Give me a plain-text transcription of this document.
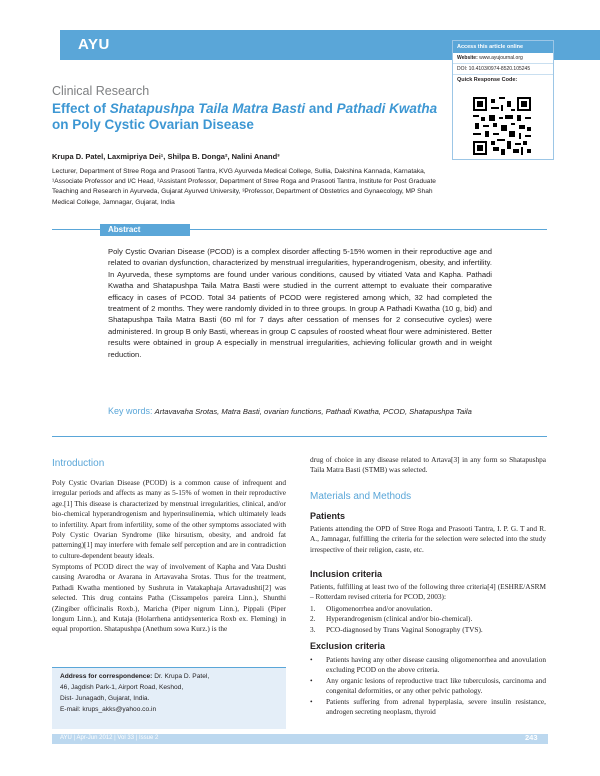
AYU	Access this article online
Website: www.ayujournal.org
DOI: 10.4103/0974-8520.105245
Quick Response Code:
Clinical Research
Effect of Shatapushpa Taila Matra Basti and Pathadi Kwatha
on Poly Cystic Ovarian Disease
Krupa D. Patel, Laxmipriya Dei¹, Shilpa B. Donga², Nalini Anand³
Lecturer, Department of Stree Roga and Prasooti Tantra, KVG Ayurveda Medical College, Sullia, Dakshina Kannada, Karnataka, ¹Associate Professor and I/C Head, ²Assistant Professor, Department of Stree Roga and Prasooti Tantra, Institute for Post Graduate Teaching and Research in Ayurveda, Gujarat Ayurved University, ³Professor, Department of Obstetrics and Gynaecology, MP Shah Medical College, Jamnagar, Gujarat, India
Abstract
Poly Cystic Ovarian Disease (PCOD) is a complex disorder affecting 5-15% women in their reproductive age and related to ovarian dysfunction, characterized by menstrual irregularities, hyperandrogenism, obesity, and infertility. In Ayurveda, these symptoms are found under various conditions, caused by vitiated Vata and Kapha. Pathadi Kwatha and Shatapushpa Taila Matra Basti were studied in the current attempt to evaluate their comparative efficacy in cases of PCOD. Total 34 patients of PCOD were registered among which, 32 had completed the treatment of 2 months. They were randomly divided in to three groups. In group A Pathadi Kwatha (10 g, bid) and Shatapushpa Taila Matra Basti (60 ml for 7 days after cessation of menses for 2 consecutive cycles) were administered. In group B only Basti, whereas in group C capsules of roosted wheat flour were administered. Better results were obtained in group A especially in menstrual irregularities, achieving follicular growth and in weight reduction.
Key words: Artavavaha Srotas, Matra Basti, ovarian functions, Pathadi Kwatha, PCOD, Shatapushpa Taila
Introduction
Poly Cystic Ovarian Disease (PCOD) is a common cause of infrequent and irregular periods and affects as many as 5-15% of women in their reproductive age.[1] This disease is characterized by menstrual irregularities, clinical, and/or bio-chemical hyperandrogenism and hyperinsulinemia, which ultimately leads to infertility. Apart from infertility, some of the other symptoms associated with Poly Cystic Ovarian Syndrome (like hirsutism, obesity, and android fat patterning)[1] may interfere with female self perception and are in contradiction to culture-dependent beauty ideals.
Symptoms of PCOD direct the way of involvement of Kapha and Vata Dushti causing Avarodha or Avarana in Artavavaha Srotas. Thus for the treatment, Pathadi Kwatha mentioned by Sushruta in Vatakaphaja Artavadushti[2] was selected. This drug contains Patha (Cissampelos pareira Linn.), Shunthi (Zingiber officinalis Roxb.), Maricha (Piper nigrum Linn.), Pippali (Piper longum Linn.), and Kutaja (Holarrhena antidysenterica Roxb ex. Fleming) in equal proportion. Shatapushpa (Anethum sowa Kurz.) is the
Address for correspondence: Dr. Krupa D. Patel,
46, Jagdish Park-1, Airport Road, Keshod,
Dist- Junagadh, Gujarat, India.
E-mail: krups_akks@yahoo.co.in
drug of choice in any disease related to Artava[3] in any form so Shatapushpa Taila Matra Basti (STMB) was selected.
Materials and Methods
Patients
Patients attending the OPD of Stree Roga and Prasooti Tantra, I. P. G. T and R. A., Jamnagar, fulfilling the criteria for the selection were selected into the study irrespective of their religion, caste, etc.
Inclusion criteria
Patients, fulfilling at least two of the following three criteria[4] (ESHRE/ASRM – Rotterdam revised criteria for PCOD, 2003):
1.	Oligomenorrhea and/or anovulation.
2.	Hyperandrogenism (clinical and/or bio-chemical).
3.	PCO-diagnosed by Trans Vaginal Sonography (TVS).
Exclusion criteria
•	Patients having any other disease causing oligomenorrhea and anovulation excluding PCOD on the above criteria.
•	Any organic lesions of reproductive tract like tuberculosis, carcinoma and congenital deformities, or any other pelvic pathology.
•	Patients suffering from adrenal hyperplasia, severe insulin resistance, androgen secreting neoplasm, thyroid
AYU | Apr-Jun 2012 | Vol 33 | Issue 2	243
